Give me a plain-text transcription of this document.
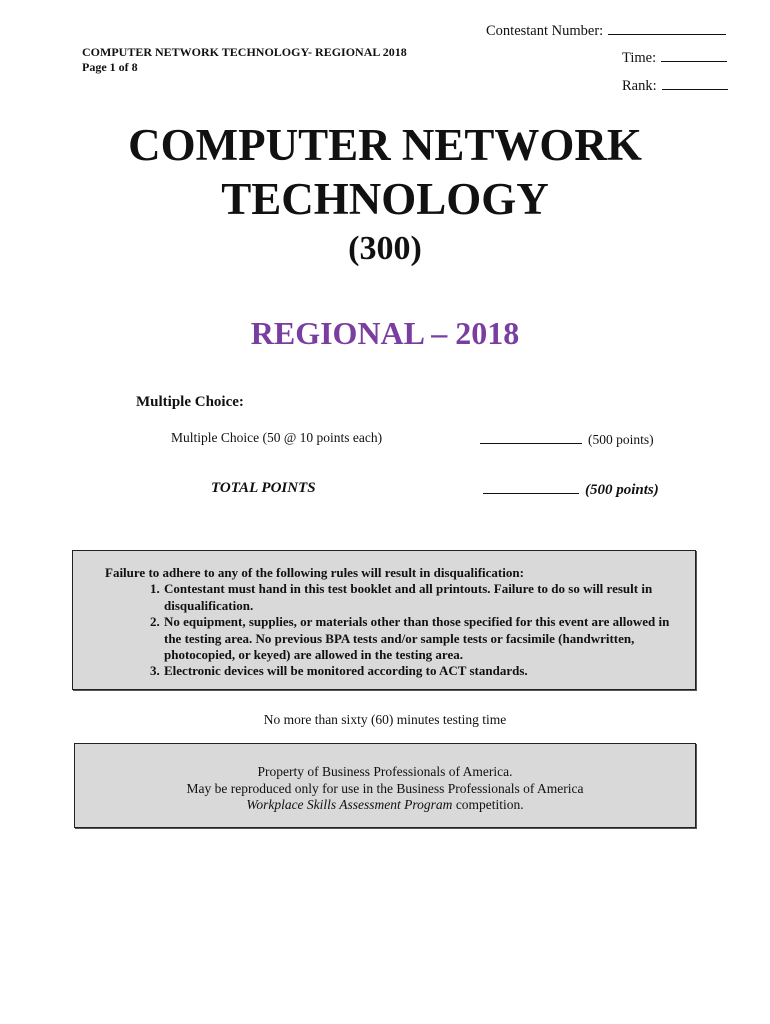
Contestant Number:
Time:
Rank:
COMPUTER NETWORK TECHNOLOGY- REGIONAL 2018
Page 1 of 8
COMPUTER NETWORK
TECHNOLOGY
(300)
REGIONAL – 2018
Multiple Choice:
Multiple Choice (50 @ 10 points each)	(500 points)
TOTAL POINTS	(500 points)
Failure to adhere to any of the following rules will result in disqualification:
1. Contestant must hand in this test booklet and all printouts. Failure to do so will result in disqualification.
2. No equipment, supplies, or materials other than those specified for this event are allowed in the testing area. No previous BPA tests and/or sample tests or facsimile (handwritten, photocopied, or keyed) are allowed in the testing area.
3. Electronic devices will be monitored according to ACT standards.
No more than sixty (60) minutes testing time
Property of Business Professionals of America.
May be reproduced only for use in the Business Professionals of America
Workplace Skills Assessment Program competition.
